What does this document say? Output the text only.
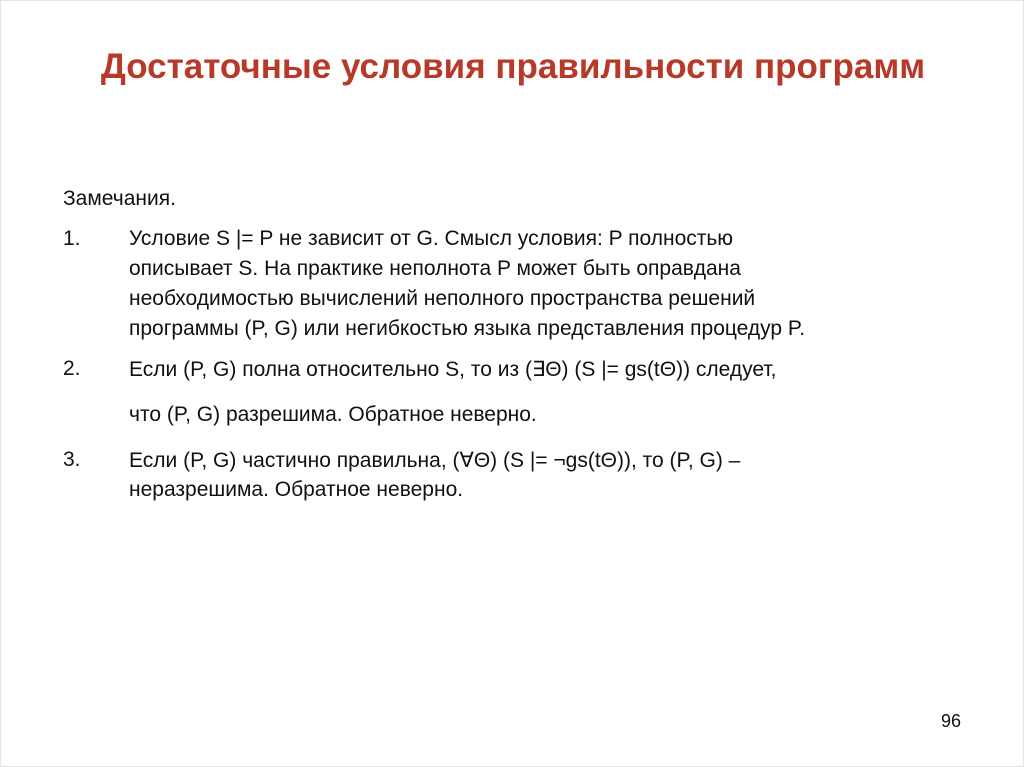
Достаточные условия правильности программ
Замечания.
1. Условие S |= P не зависит от G. Смысл условия: P полностью
описывает S. На практике неполнота P может быть оправдана
необходимостью вычислений неполного пространства решений
программы (P, G) или негибкостью языка представления процедур P.
2. Если (P, G) полна относительно S, то из (∃Θ) (S |= gs(tΘ)) следует,
что (P, G) разрешима. Обратное неверно.
3. Если (P, G) частично правильна, (∀Θ) (S |= ¬gs(tΘ)), то (P, G) –
неразрешима. Обратное неверно.
96
